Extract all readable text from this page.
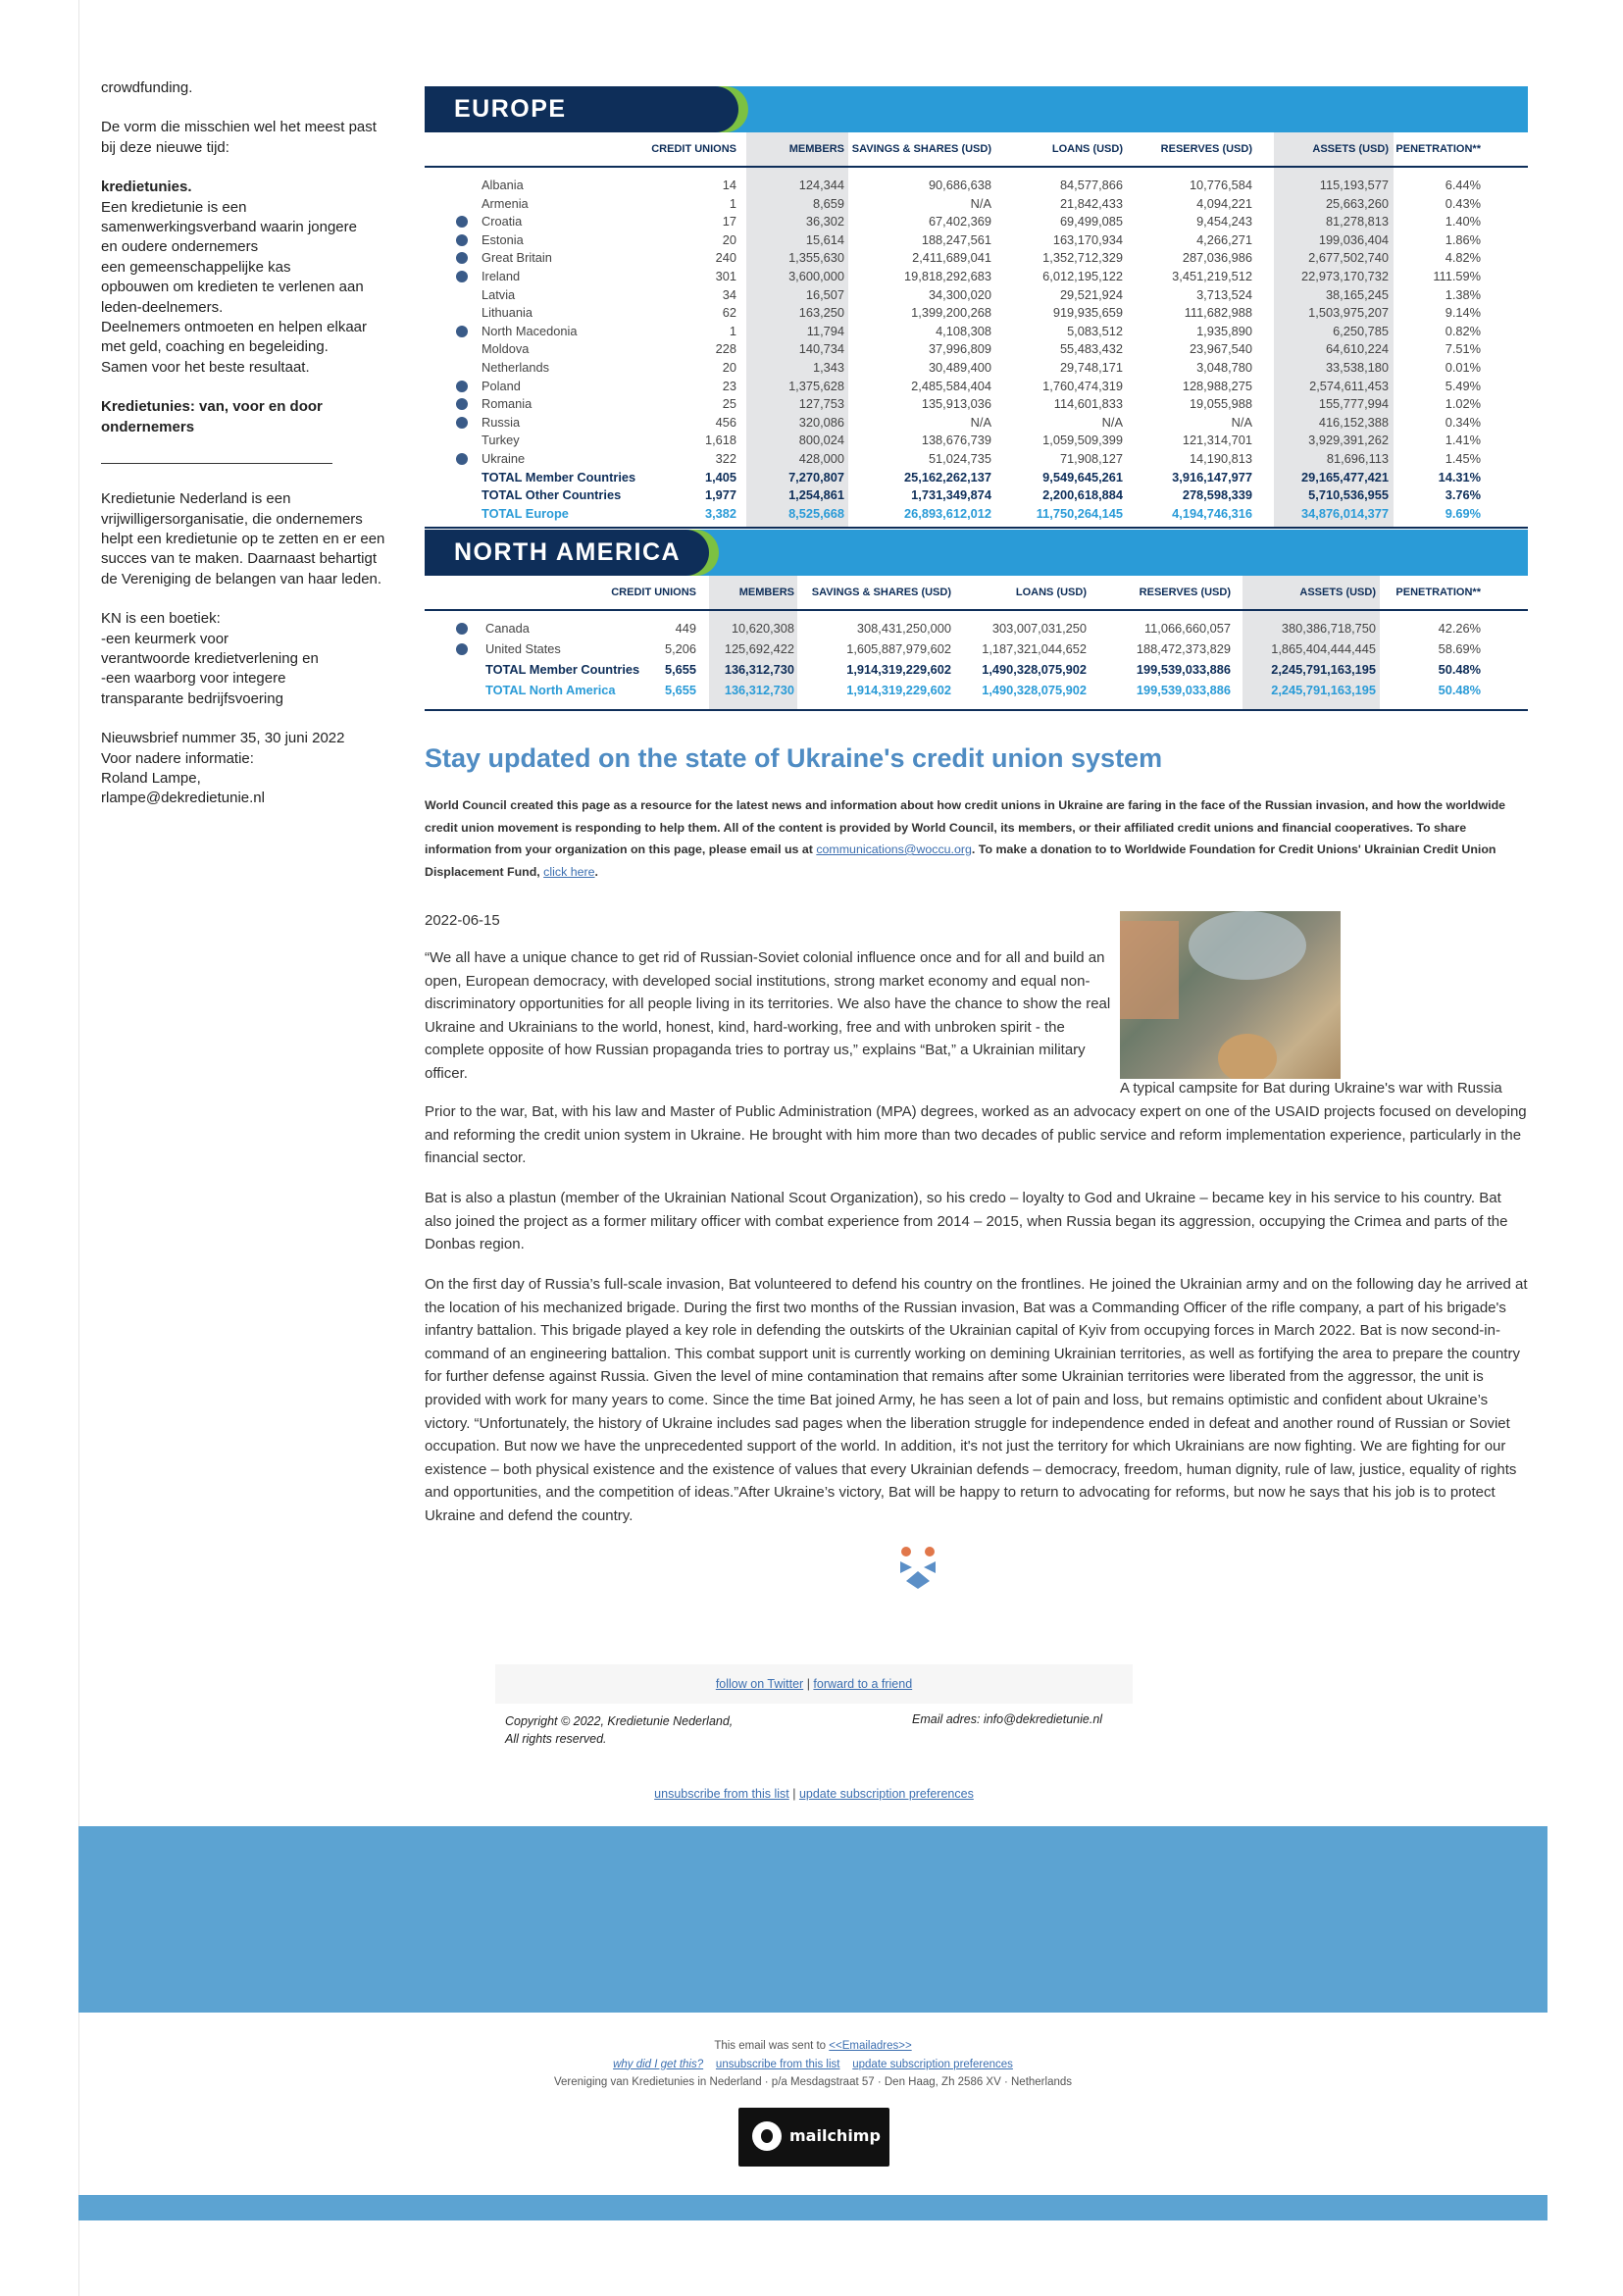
crowdfunding.
De vorm die misschien wel het meest past bij deze nieuwe tijd:
kredietunies.
Een kredietunie is een
samenwerkingsverband waarin jongere
en oudere ondernemers
een gemeenschappelijke kas
opbouwen om kredieten te verlenen aan
leden-deelnemers.
Deelnemers ontmoeten en helpen elkaar
met geld, coaching en begeleiding.
Samen voor het beste resultaat.
Kredietunies: van, voor en door ondernemers
Kredietunie Nederland is een vrijwilligersorganisatie, die ondernemers helpt een kredietunie op te zetten en er een succes van te maken. Daarnaast behartigt de Vereniging de belangen van haar leden.
KN is een boetiek:
-een keurmerk voor
verantwoorde kredietverlening en
-een waarborg voor integere
transparante bedrijfsvoering
Nieuwsbrief nummer 35, 30 juni 2022
Voor nadere informatie:
Roland Lampe,
rlampe@dekredietunie.nl
EUROPE
CREDIT UNIONS	MEMBERS SAVINGS & SHARES (USD)	LOANS (USD)	RESERVES (USD)	ASSETS (USD) PENETRATION**
Albania	14	124,344	90,686,638	84,577,866	10,776,584	115,193,577	6.44%
Armenia	1	8,659	N/A	21,842,433	4,094,221	25,663,260	0.43%
Croatia	17	36,302	67,402,369	69,499,085	9,454,243	81,278,813	1.40%
Estonia	20	15,614	188,247,561	163,170,934	4,266,271	199,036,404	1.86%
Great Britain	240	1,355,630	2,411,689,041	1,352,712,329	287,036,986	2,677,502,740	4.82%
Ireland	301	3,600,000	19,818,292,683	6,012,195,122	3,451,219,512	22,973,170,732	111.59%
Latvia	34	16,507	34,300,020	29,521,924	3,713,524	38,165,245	1.38%
Lithuania	62	163,250	1,399,200,268	919,935,659	111,682,988	1,503,975,207	9.14%
North Macedonia	1	11,794	4,108,308	5,083,512	1,935,890	6,250,785	0.82%
Moldova	228	140,734	37,996,809	55,483,432	23,967,540	64,610,224	7.51%
Netherlands	20	1,343	30,489,400	29,748,171	3,048,780	33,538,180	0.01%
Poland	23	1,375,628	2,485,584,404	1,760,474,319	128,988,275	2,574,611,453	5.49%
Romania	25	127,753	135,913,036	114,601,833	19,055,988	155,777,994	1.02%
Russia	456	320,086	N/A	N/A	N/A	416,152,388	0.34%
Turkey	1,618	800,024	138,676,739	1,059,509,399	121,314,701	3,929,391,262	1.41%
Ukraine	322	428,000	51,024,735	71,908,127	14,190,813	81,696,113	1.45%
TOTAL Member Countries	1,405	7,270,807	25,162,262,137	9,549,645,261	3,916,147,977	29,165,477,421	14.31%
TOTAL Other Countries	1,977	1,254,861	1,731,349,874	2,200,618,884	278,598,339	5,710,536,955	3.76%
TOTAL Europe	3,382	8,525,668	26,893,612,012	11,750,264,145	4,194,746,316	34,876,014,377	9.69%
NORTH AMERICA
CREDIT UNIONS	MEMBERS SAVINGS & SHARES (USD)	LOANS (USD)	RESERVES (USD)	ASSETS (USD) PENETRATION**
Canada	449	10,620,308	308,431,250,000	303,007,031,250	11,066,660,057	380,386,718,750	42.26%
United States	5,206 125,692,422	1,605,887,979,602 1,187,321,044,652	188,472,373,829	1,865,404,444,445	58.69%
TOTAL Member Countries 5,655 136,312,730	1,914,319,229,602 1,490,328,075,902	199,539,033,886	2,245,791,163,195	50.48%
TOTAL North America	5,655 136,312,730	1,914,319,229,602 1,490,328,075,902	199,539,033,886	2,245,791,163,195	50.48%
Stay updated on the state of Ukraine's credit union system
World Council created this page as a resource for the latest news and information about how credit unions in Ukraine are faring in the face of the Russian invasion, and how the worldwide credit union movement is responding to help them. All of the content is provided by World Council, its members, or their affiliated credit unions and financial cooperatives. To share information from your organization on this page, please email us at communications@woccu.org. To make a donation to to Worldwide Foundation for Credit Unions' Ukrainian Credit Union Displacement Fund, click here.
2022-06-15
A typical campsite for Bat during Ukraine's war with Russia
“We all have a unique chance to get rid of Russian-Soviet colonial influence once and for all and build an open, European democracy, with developed social institutions, strong market economy and equal non-discriminatory opportunities for all people living in its territories. We also have the chance to show the real Ukraine and Ukrainians to the world, honest, kind, hard-working, free and with unbroken spirit - the complete opposite of how Russian propaganda tries to portray us,” explains “Bat,” a Ukrainian military officer.
Prior to the war, Bat, with his law and Master of Public Administration (MPA) degrees, worked as an advocacy expert on one of the USAID projects focused on developing and reforming the credit union system in Ukraine. He brought with him more than two decades of public service and reform implementation experience, particularly in the financial sector.
Bat is also a plastun (member of the Ukrainian National Scout Organization), so his credo – loyalty to God and Ukraine – became key in his service to his country. Bat also joined the project as a former military officer with combat experience from 2014 – 2015, when Russia began its aggression, occupying the Crimea and parts of the Donbas region.
On the first day of Russia’s full-scale invasion, Bat volunteered to defend his country on the frontlines. He joined the Ukrainian army and on the following day he arrived at the location of his mechanized brigade. During the first two months of the Russian invasion, Bat was a Commanding Officer of the rifle company, a part of his brigade's infantry battalion. This brigade played a key role in defending the outskirts of the Ukrainian capital of Kyiv from occupying forces in March 2022. Bat is now second-in-command of an engineering battalion. This combat support unit is currently working on demining Ukrainian territories, as well as fortifying the area to prepare the country for further defense against Russia. Given the level of mine contamination that remains after some Ukrainian territories were liberated from the aggressor, the unit is provided with work for many years to come. Since the time Bat joined Army, he has seen a lot of pain and loss, but remains optimistic and confident about Ukraine’s victory. “Unfortunately, the history of Ukraine includes sad pages when the liberation struggle for independence ended in defeat and another round of Russian or Soviet occupation. But now we have the unprecedented support of the world. In addition, it's not just the territory for which Ukrainians are now fighting. We are fighting for our existence – both physical existence and the existence of values that every Ukrainian defends – democracy, freedom, human dignity, rule of law, justice, equality of rights and opportunities, and the competition of ideas.”After Ukraine’s victory, Bat will be happy to return to advocating for reforms, but now he says that his job is to protect Ukraine and defend the country.
follow on Twitter | forward to a friend
Copyright © 2022, Kredietunie Nederland,
All rights reserved.
Email adres: info@dekredietunie.nl
unsubscribe from this list | update subscription preferences
This email was sent to <<Emailadres>>
why did I get this? unsubscribe from this list update subscription preferences
Vereniging van Kredietunies in Nederland · p/a Mesdagstraat 57 · Den Haag, Zh 2586 XV · Netherlands
mailchimp
